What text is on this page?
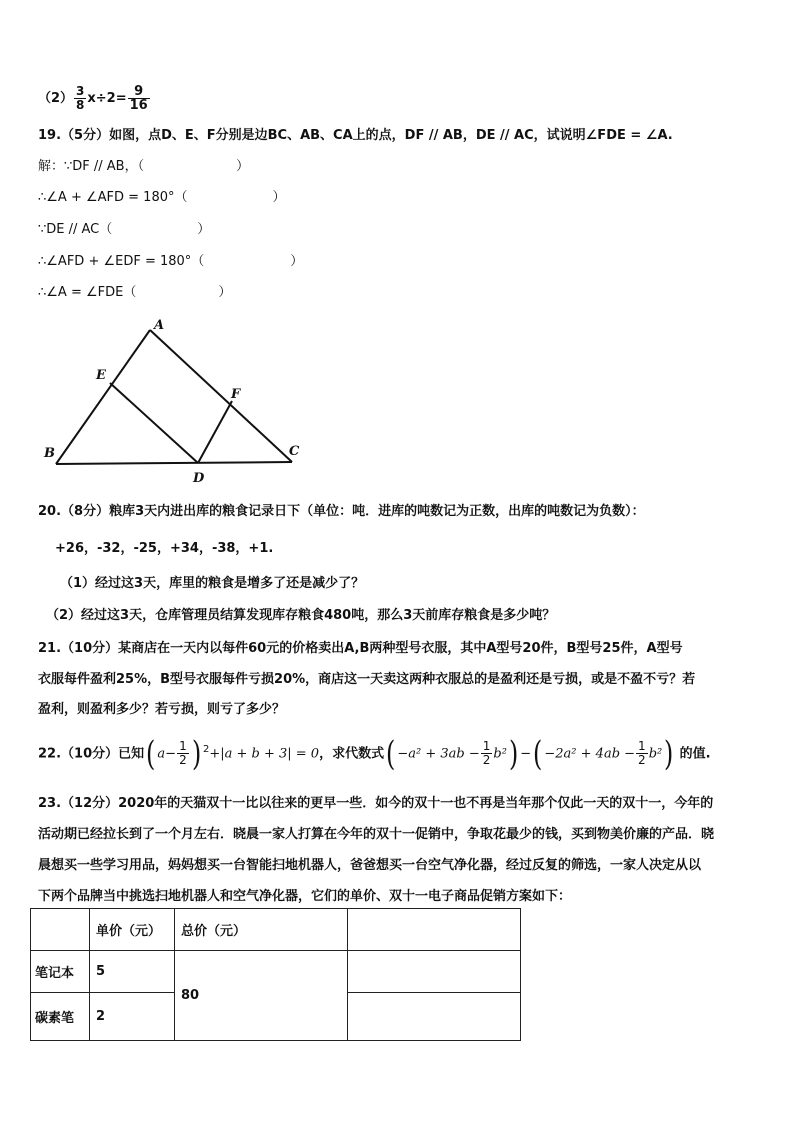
$(2) \frac{3}{8} x\div 2= \frac{9}{16}$
19.（5分）如图，点D、E、F分别是边BC、AB、CA上的点，DF // AB，DE // AC，试说明∠FDE = ∠A.
解：∵DF // AB，（	）
∴∠A + ∠AFD = 180°（	）
∵DE // AC（	）
∴∠AFD + ∠EDF = 180°（	）
∴∠A = ∠FDE（	）
A
E
F
B	C
D
20.（8分）粮库3天内进出库的粮食记录日下（单位：吨．进库的吨数记为正数，出库的吨数记为负数）：
+26，-32，-25，+34，-38，+1.
（1）经过这3天，库里的粮食是增多了还是减少了？
（2）经过这3天，仓库管理员结算发现库存粮食480吨，那么3天前库存粮食是多少吨？
21.（10分）某商店在一天内以每件60元的价格卖出A,B两种型号衣服，其中A型号20件，B型号25件，A型号
衣服每件盈利25%，B型号衣服每件亏损20%，商店这一天卖这两种衣服总的是盈利还是亏损，或是不盈不亏？若
盈利，则盈利多少？若亏损，则亏了多少？
22.（10分）已知( $a- \frac{1}{2}$ ) $^2$+|a + b + 3| = 0，求代数式( $-a^2 + 3ab - \frac{1}{2} b^2$) −( $-2a^2 + 4ab - \frac{1}{2} b^2$) 的值.
23.（12分）2020年的天猫双十一比以往来的更早一些．如今的双十一也不再是当年那个仅此一天的双十一，今年的
活动期已经拉长到了一个月左右．晓晨一家人打算在今年的双十一促销中，争取花最少的钱，买到物美价廉的产品．晓
晨想买一些学习用品，妈妈想买一台智能扫地机器人，爸爸想买一台空气净化器，经过反复的筛选，一家人决定从以
下两个品牌当中挑选扫地机器人和空气净化器，它们的单价、双十一电子商品促销方案如下：
	单价（元）	总价（元）	
笔记本	5	80	
碳素笔	2		
